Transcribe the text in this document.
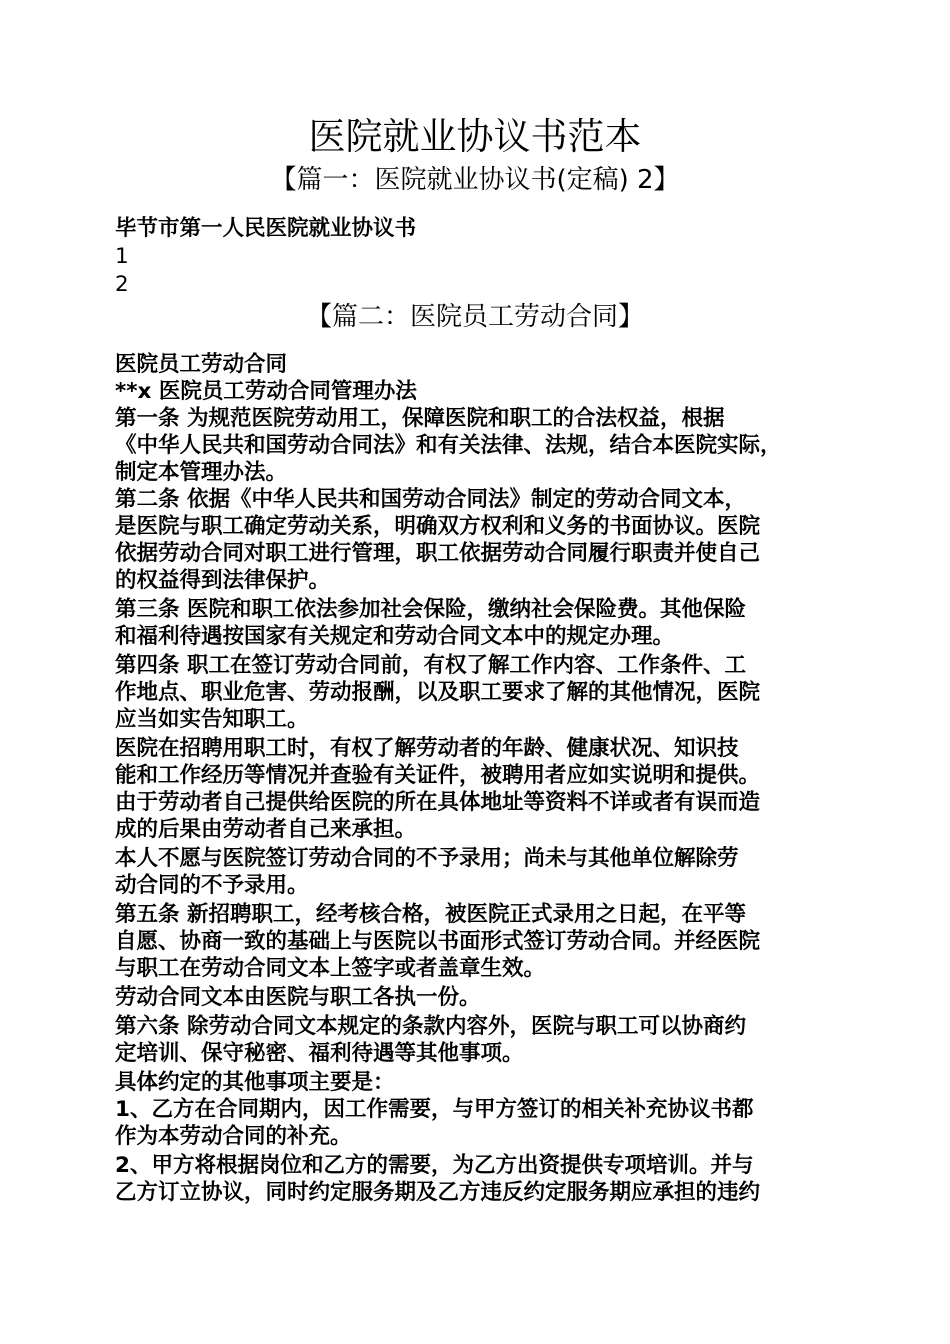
医院就业协议书范本
【篇一：医院就业协议书(定稿) 2】
毕节市第一人民医院就业协议书
1
2
【篇二：医院员工劳动合同】
医院员工劳动合同
**x 医院员工劳动合同管理办法
第一条 为规范医院劳动用工，保障医院和职工的合法权益，根据
《中华人民共和国劳动合同法》和有关法律、法规，结合本医院实际，
制定本管理办法。
第二条 依据《中华人民共和国劳动合同法》制定的劳动合同文本，
是医院与职工确定劳动关系，明确双方权利和义务的书面协议。医院
依据劳动合同对职工进行管理，职工依据劳动合同履行职责并使自己
的权益得到法律保护。
第三条 医院和职工依法参加社会保险，缴纳社会保险费。其他保险
和福利待遇按国家有关规定和劳动合同文本中的规定办理。
第四条 职工在签订劳动合同前，有权了解工作内容、工作条件、工
作地点、职业危害、劳动报酬，以及职工要求了解的其他情况，医院
应当如实告知职工。
医院在招聘用职工时，有权了解劳动者的年龄、健康状况、知识技
能和工作经历等情况并查验有关证件，被聘用者应如实说明和提供。
由于劳动者自己提供给医院的所在具体地址等资料不详或者有误而造
成的后果由劳动者自己来承担。
本人不愿与医院签订劳动合同的不予录用；尚未与其他单位解除劳
动合同的不予录用。
第五条 新招聘职工，经考核合格，被医院正式录用之日起，在平等
自愿、协商一致的基础上与医院以书面形式签订劳动合同。并经医院
与职工在劳动合同文本上签字或者盖章生效。
劳动合同文本由医院与职工各执一份。
第六条 除劳动合同文本规定的条款内容外，医院与职工可以协商约
定培训、保守秘密、福利待遇等其他事项。
具体约定的其他事项主要是：
1、乙方在合同期内，因工作需要，与甲方签订的相关补充协议书都
作为本劳动合同的补充。
2、甲方将根据岗位和乙方的需要，为乙方出资提供专项培训。并与
乙方订立协议，同时约定服务期及乙方违反约定服务期应承担的违约
